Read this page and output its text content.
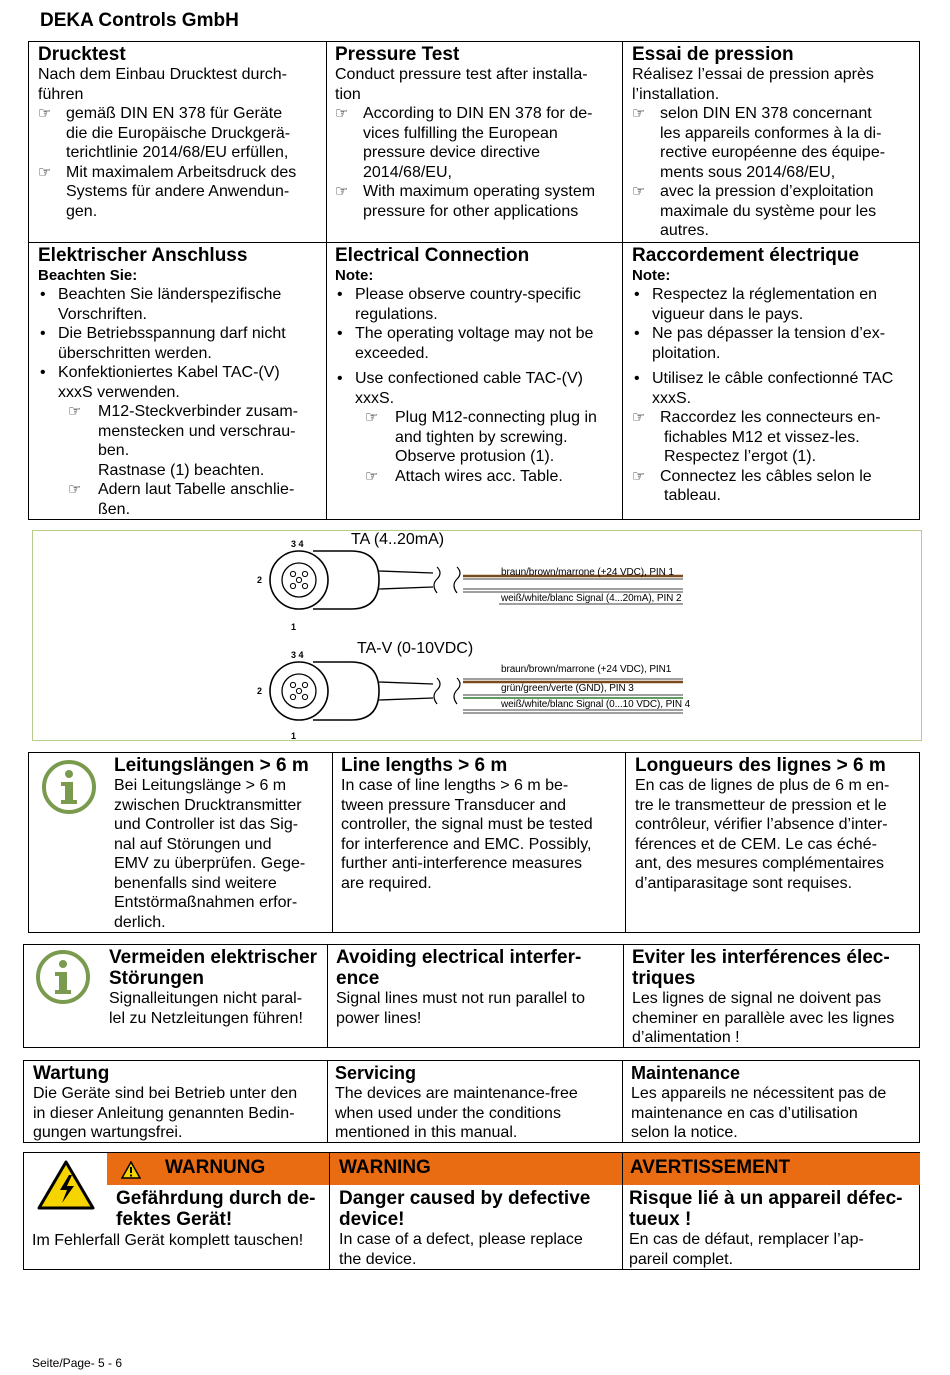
DEKA Controls GmbH
Drucktest
Nach dem Einbau Drucktest durch-
führen
☞ gemäß DIN EN 378 für Geräte
die die Europäische Druckgerä-
terichtlinie 2014/68/EU erfüllen,
☞ Mit maximalem Arbeitsdruck des
Systems für andere Anwendun-
gen.
Pressure Test
Conduct pressure test after installa-
tion
☞ According to DIN EN 378 for de-
vices fulfilling the European
pressure device directive
2014/68/EU,
☞ With maximum operating system
pressure for other applications
Essai de pression
Réalisez l’essai de pression après
l’installation.
☞ selon DIN EN 378 concernant
les appareils conformes à la di-
rective européenne des équipe-
ments sous 2014/68/EU,
☞ avec la pression d’exploitation
maximale du système pour les
autres.
Elektrischer Anschluss
Beachten Sie:
• Beachten Sie länderspezifische
Vorschriften.
• Die Betriebsspannung darf nicht
überschritten werden.
• Konfektioniertes Kabel TAC-(V)
xxxS verwenden.
☞ M12-Steckverbinder zusam-
menstecken und verschrau-
ben.
Rastnase (1) beachten.
☞ Adern laut Tabelle anschlie-
ßen.
Electrical Connection
Note:
• Please observe country-specific
regulations.
• The operating voltage may not be
exceeded.
• Use confectioned cable TAC-(V)
xxxS.
☞ Plug M12-connecting plug in
and tighten by screwing.
Observe protusion (1).
☞ Attach wires acc. Table.
Raccordement électrique
Note:
• Respectez la réglementation en
vigueur dans le pays.
• Ne pas dépasser la tension d’ex-
ploitation.
• Utilisez le câble confectionné TAC
xxxS.
☞ Raccordez les connecteurs en-
fichables M12 et vissez-les.
Respectez l’ergot (1).
☞ Connectez les câbles selon le
tableau.
TA (4..20mA)
3 4
2
1
braun/brown/marrone (+24 VDC), PIN 1
weiß/white/blanc Signal (4...20mA), PIN 2
TA-V (0-10VDC)
3 4
2
1
braun/brown/marrone (+24 VDC), PIN1
grün/green/verte (GND), PIN 3
weiß/white/blanc Signal (0...10 VDC), PIN 4
Leitungslängen > 6 m
Bei Leitungslänge > 6 m
zwischen Drucktransmitter
und Controller ist das Sig-
nal auf Störungen und
EMV zu überprüfen. Gege-
benenfalls sind weitere
Entstörmaßnahmen erfor-
derlich.
Line lengths > 6 m
In case of line lengths > 6 m be-
tween pressure Transducer and
controller, the signal must be tested
for interference and EMC. Possibly,
further anti-interference measures
are required.
Longueurs des lignes > 6 m
En cas de lignes de plus de 6 m en-
tre le transmetteur de pression et le
contrôleur, vérifier l’absence d’inter-
férences et de CEM. Le cas éché-
ant, des mesures complémentaires
d’antiparasitage sont requises.
Vermeiden elektrischer
Störungen
Signalleitungen nicht paral-
lel zu Netzleitungen führen!
Avoiding electrical interfer-
ence
Signal lines must not run parallel to
power lines!
Eviter les interférences élec-
triques
Les lignes de signal ne doivent pas
cheminer en parallèle avec les lignes
d’alimentation !
Wartung
Die Geräte sind bei Betrieb unter den
in dieser Anleitung genannten Bedin-
gungen wartungsfrei.
Servicing
The devices are maintenance-free
when used under the conditions
mentioned in this manual.
Maintenance
Les appareils ne nécessitent pas de
maintenance en cas d’utilisation
selon la notice.
WARNUNG	WARNING	AVERTISSEMENT
Gefährdung durch de-
fektes Gerät!
Im Fehlerfall Gerät komplett tauschen!
Danger caused by defective
device!
In case of a defect, please replace
the device.
Risque lié à un appareil défec-
tueux !
En cas de défaut, remplacer l’ap-
pareil complet.
Seite/Page- 5 - 6
